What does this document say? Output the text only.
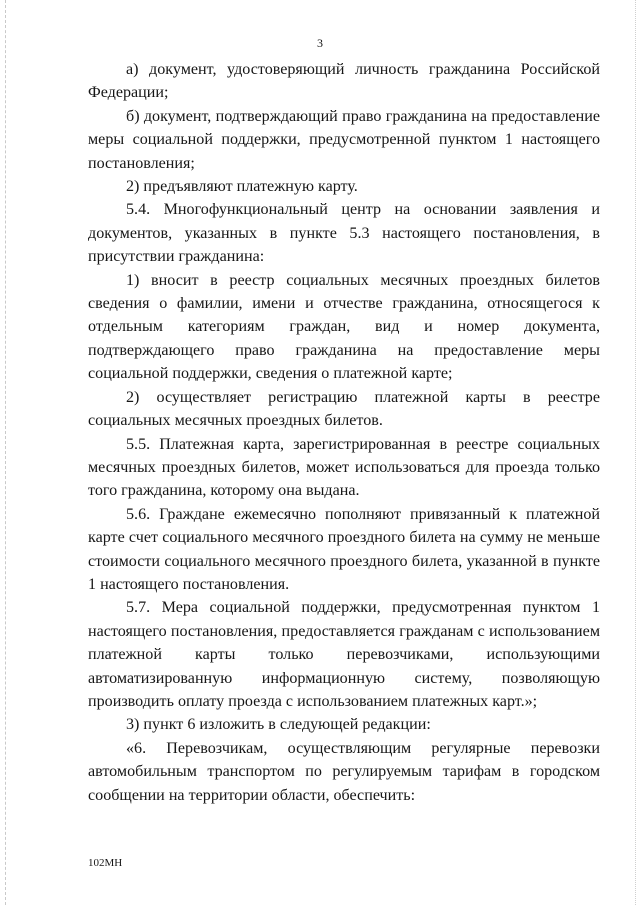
3

а) документ, удостоверяющий личность гражданина Российской Федерации;

б) документ, подтверждающий право гражданина на предоставление меры социальной поддержки, предусмотренной пунктом 1 настоящего постановления;

2) предъявляют платежную карту.

5.4. Многофункциональный центр на основании заявления и документов, указанных в пункте 5.3 настоящего постановления, в присутствии гражданина:

1) вносит в реестр социальных месячных проездных билетов сведения о фамилии, имени и отчестве гражданина, относящегося к отдельным категориям граждан, вид и номер документа, подтверждающего право гражданина на предоставление меры социальной поддержки, сведения о платежной карте;

2) осуществляет регистрацию платежной карты в реестре социальных месячных проездных билетов.

5.5. Платежная карта, зарегистрированная в реестре социальных месячных проездных билетов, может использоваться для проезда только того гражданина, которому она выдана.

5.6. Граждане ежемесячно пополняют привязанный к платежной карте счет социального месячного проездного билета на сумму не меньше стоимости социального месячного проездного билета, указанной в пункте 1 настоящего постановления.

5.7. Мера социальной поддержки, предусмотренная пунктом 1 настоящего постановления, предоставляется гражданам с использованием платежной карты только перевозчиками, использующими автоматизированную информационную систему, позволяющую производить оплату проезда с использованием платежных карт.»;

3) пункт 6 изложить в следующей редакции:

«6. Перевозчикам, осуществляющим регулярные перевозки автомобильным транспортом по регулируемым тарифам в городском сообщении на территории области, обеспечить:

102МН
